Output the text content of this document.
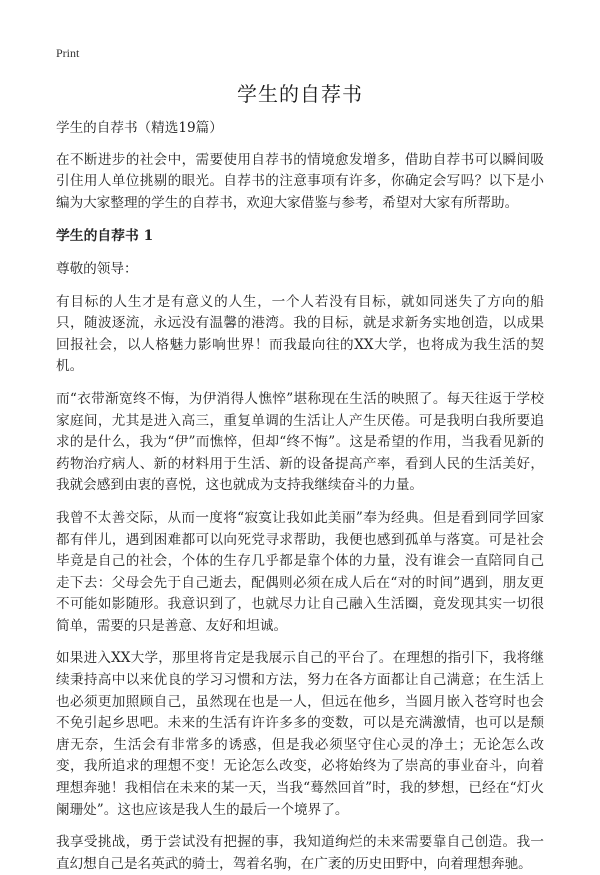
Print
学生的自荐书

学生的自荐书（精选19篇）

在不断进步的社会中，需要使用自荐书的情境愈发增多，借助自荐书可以瞬间吸引住用人单位挑剔的眼光。自荐书的注意事项有许多，你确定会写吗？以下是小编为大家整理的学生的自荐书，欢迎大家借鉴与参考，希望对大家有所帮助。

学生的自荐书 1

尊敬的领导：

有目标的人生才是有意义的人生，一个人若没有目标，就如同迷失了方向的船只，随波逐流，永远没有温馨的港湾。我的目标，就是求新务实地创造，以成果回报社会，以人格魅力影响世界！而我最向往的XX大学，也将成为我生活的契机。

而“衣带渐宽终不悔，为伊消得人憔悴”堪称现在生活的映照了。每天往返于学校家庭间，尤其是进入高三，重复单调的生活让人产生厌倦。可是我明白我所要追求的是什么，我为“伊”而憔悴，但却“终不悔”。这是希望的作用，当我看见新的药物治疗病人、新的材料用于生活、新的设备提高产率，看到人民的生活美好，我就会感到由衷的喜悦，这也就成为支持我继续奋斗的力量。

我曾不太善交际，从而一度将“寂寞让我如此美丽”奉为经典。但是看到同学回家都有伴儿，遇到困难都可以向死党寻求帮助，我便也感到孤单与落寞。可是社会毕竟是自己的社会，个体的生存几乎都是靠个体的力量，没有谁会一直陪同自己走下去：父母会先于自己逝去，配偶则必须在成人后在“对的时间”遇到，朋友更不可能如影随形。我意识到了，也就尽力让自己融入生活圈，竟发现其实一切很简单，需要的只是善意、友好和坦诚。

如果进入XX大学，那里将肯定是我展示自己的平台了。在理想的指引下，我将继续秉持高中以来优良的学习习惯和方法，努力在各方面都让自己满意；在生活上也必须更加照顾自己，虽然现在也是一人，但远在他乡，当圆月嵌入苍穹时也会不免引起乡思吧。未来的生活有许许多多的变数，可以是充满激情，也可以是颓唐无奈，生活会有非常多的诱惑，但是我必须坚守住心灵的净土；无论怎么改变，我所追求的理想不变！无论怎么改变，必将始终为了崇高的事业奋斗，向着理想奔驰！我相信在未来的某一天，当我“蓦然回首”时，我的梦想，已经在“灯火阑珊处”。这也应该是我人生的最后一个境界了。

我享受挑战，勇于尝试没有把握的事，我知道绚烂的未来需要靠自己创造。我一直幻想自己是名英武的骑士，驾着名驹，在广袤的历史田野中，向着理想奔驰。
